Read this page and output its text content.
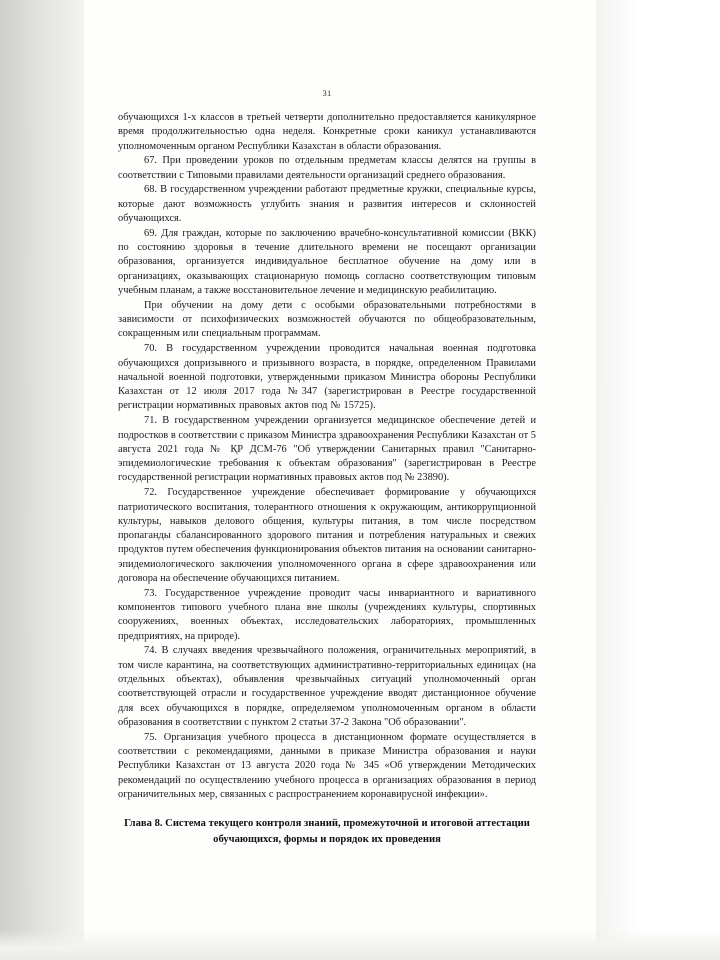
31

обучающихся 1-х классов в третьей четверти дополнительно предоставляется каникулярное время продолжительностью одна неделя. Конкретные сроки каникул устанавливаются уполномоченным органом Республики Казахстан в области образования.

67. При проведении уроков по отдельным предметам классы делятся на группы в соответствии с Типовыми правилами деятельности организаций среднего образования.

68. В государственном учреждении работают предметные кружки, специальные курсы, которые дают возможность углубить знания и развития интересов и склонностей обучающихся.

69. Для граждан, которые по заключению врачебно-консультативной комиссии (ВКК) по состоянию здоровья в течение длительного времени не посещают организации образования, организуется индивидуальное бесплатное обучение на дому или в организациях, оказывающих стационарную помощь согласно соответствующим типовым учебным планам, а также восстановительное лечение и медицинскую реабилитацию.

При обучении на дому дети с особыми образовательными потребностями в зависимости от психофизических возможностей обучаются по общеобразовательным, сокращенным или специальным программам.

70. В государственном учреждении проводится начальная военная подготовка обучающихся допризывного и призывного возраста, в порядке, определенном Правилами начальной военной подготовки, утвержденными приказом Министра обороны Республики Казахстан от 12 июля 2017 года №347 (зарегистрирован в Реестре государственной регистрации нормативных правовых актов под № 15725).

71. В государственном учреждении организуется медицинское обеспечение детей и подростков в соответствии с приказом Министра здравоохранения Республики Казахстан от 5 августа 2021 года № ҚР ДСМ-76 "Об утверждении Санитарных правил "Санитарно-эпидемиологические требования к объектам образования" (зарегистрирован в Реестре государственной регистрации нормативных правовых актов под № 23890).

72. Государственное учреждение обеспечивает формирование у обучающихся патриотического воспитания, толерантного отношения к окружающим, антикоррупционной культуры, навыков делового общения, культуры питания, в том числе посредством пропаганды сбалансированного здорового питания и потребления натуральных и свежих продуктов путем обеспечения функционирования объектов питания на основании санитарно-эпидемиологического заключения уполномоченного органа в сфере здравоохранения или договора на обеспечение обучающихся питанием.

73. Государственное учреждение проводит часы инвариантного и вариативного компонентов типового учебного плана вне школы (учреждениях культуры, спортивных сооружениях, военных объектах, исследовательских лабораториях, промышленных предприятиях, на природе).

74. В случаях введения чрезвычайного положения, ограничительных мероприятий, в том числе карантина, на соответствующих административно-территориальных единицах (на отдельных объектах), объявления чрезвычайных ситуаций уполномоченный орган соответствующей отрасли и государственное учреждение вводят дистанционное обучение для всех обучающихся в порядке, определяемом уполномоченным органом в области образования в соответствии с пунктом 2 статьи 37-2 Закона "Об образовании".

75. Организация учебного процесса в дистанционном формате осуществляется в соответствии с рекомендациями, данными в приказе Министра образования и науки Республики Казахстан от 13 августа 2020 года № 345 «Об утверждении Методических рекомендаций по осуществлению учебного процесса в организациях образования в период ограничительных мер, связанных с распространением коронавирусной инфекции».

Глава 8. Система текущего контроля знаний, промежуточной и итоговой аттестации
обучающихся, формы и порядок их проведения
